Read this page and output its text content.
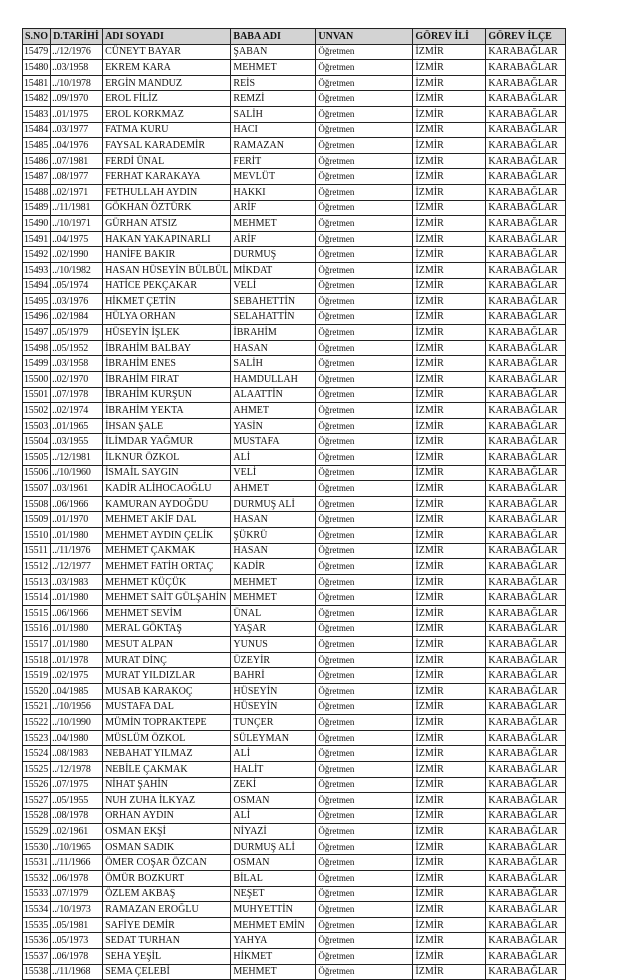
S.NO	D.TARİHİ	ADI SOYADI	BABA ADI	UNVAN	GÖREV İLİ	GÖREV İLÇE
15479	../12/1976	CÜNEYT BAYAR	ŞABAN	Öğretmen	İZMİR	KARABAĞLAR
15480	..03/1958	EKREM KARA	MEHMET	Öğretmen	İZMİR	KARABAĞLAR
15481	../10/1978	ERGİN MANDUZ	REİS	Öğretmen	İZMİR	KARABAĞLAR
15482	..09/1970	EROL FİLİZ	REMZİ	Öğretmen	İZMİR	KARABAĞLAR
15483	..01/1975	EROL KORKMAZ	SALİH	Öğretmen	İZMİR	KARABAĞLAR
15484	..03/1977	FATMA KURU	HACI	Öğretmen	İZMİR	KARABAĞLAR
15485	..04/1976	FAYSAL KARADEMİR	RAMAZAN	Öğretmen	İZMİR	KARABAĞLAR
15486	..07/1981	FERDİ ÜNAL	FERİT	Öğretmen	İZMİR	KARABAĞLAR
15487	..08/1977	FERHAT KARAKAYA	MEVLÜT	Öğretmen	İZMİR	KARABAĞLAR
15488	..02/1971	FETHULLAH AYDIN	HAKKI	Öğretmen	İZMİR	KARABAĞLAR
15489	../11/1981	GÖKHAN ÖZTÜRK	ARİF	Öğretmen	İZMİR	KARABAĞLAR
15490	../10/1971	GÜRHAN ATSIZ	MEHMET	Öğretmen	İZMİR	KARABAĞLAR
15491	..04/1975	HAKAN YAKAPINARLI	ARİF	Öğretmen	İZMİR	KARABAĞLAR
15492	..02/1990	HANİFE BAKIR	DURMUŞ	Öğretmen	İZMİR	KARABAĞLAR
15493	../10/1982	HASAN HÜSEYİN BÜLBÜL	MİKDAT	Öğretmen	İZMİR	KARABAĞLAR
15494	..05/1974	HATİCE PEKÇAKAR	VELİ	Öğretmen	İZMİR	KARABAĞLAR
15495	..03/1976	HİKMET ÇETİN	SEBAHETTİN	Öğretmen	İZMİR	KARABAĞLAR
15496	..02/1984	HÜLYA ORHAN	SELAHATTİN	Öğretmen	İZMİR	KARABAĞLAR
15497	..05/1979	HÜSEYİN İŞLEK	İBRAHİM	Öğretmen	İZMİR	KARABAĞLAR
15498	..05/1952	İBRAHİM BALBAY	HASAN	Öğretmen	İZMİR	KARABAĞLAR
15499	..03/1958	İBRAHİM ENES	SALİH	Öğretmen	İZMİR	KARABAĞLAR
15500	..02/1970	İBRAHİM FIRAT	HAMDULLAH	Öğretmen	İZMİR	KARABAĞLAR
15501	..07/1978	İBRAHİM KURŞUN	ALAATTİN	Öğretmen	İZMİR	KARABAĞLAR
15502	..02/1974	İBRAHİM YEKTA	AHMET	Öğretmen	İZMİR	KARABAĞLAR
15503	..01/1965	İHSAN ŞALE	YASİN	Öğretmen	İZMİR	KARABAĞLAR
15504	..03/1955	İLİMDAR YAĞMUR	MUSTAFA	Öğretmen	İZMİR	KARABAĞLAR
15505	../12/1981	İLKNUR ÖZKOL	ALİ	Öğretmen	İZMİR	KARABAĞLAR
15506	../10/1960	İSMAİL SAYGIN	VELİ	Öğretmen	İZMİR	KARABAĞLAR
15507	..03/1961	KADİR ALİHOCAOĞLU	AHMET	Öğretmen	İZMİR	KARABAĞLAR
15508	..06/1966	KAMURAN AYDOĞDU	DURMUŞ ALİ	Öğretmen	İZMİR	KARABAĞLAR
15509	..01/1970	MEHMET AKİF DAL	HASAN	Öğretmen	İZMİR	KARABAĞLAR
15510	..01/1980	MEHMET AYDIN ÇELİK	ŞÜKRÜ	Öğretmen	İZMİR	KARABAĞLAR
15511	../11/1976	MEHMET ÇAKMAK	HASAN	Öğretmen	İZMİR	KARABAĞLAR
15512	../12/1977	MEHMET FATİH ORTAÇ	KADİR	Öğretmen	İZMİR	KARABAĞLAR
15513	..03/1983	MEHMET KÜÇÜK	MEHMET	Öğretmen	İZMİR	KARABAĞLAR
15514	..01/1980	MEHMET SAİT GÜLŞAHİN	MEHMET	Öğretmen	İZMİR	KARABAĞLAR
15515	..06/1966	MEHMET SEVİM	ÜNAL	Öğretmen	İZMİR	KARABAĞLAR
15516	..01/1980	MERAL GÖKTAŞ	YAŞAR	Öğretmen	İZMİR	KARABAĞLAR
15517	..01/1980	MESUT ALPAN	YUNUS	Öğretmen	İZMİR	KARABAĞLAR
15518	..01/1978	MURAT DİNÇ	ÜZEYİR	Öğretmen	İZMİR	KARABAĞLAR
15519	..02/1975	MURAT YILDIZLAR	BAHRİ	Öğretmen	İZMİR	KARABAĞLAR
15520	..04/1985	MUSAB KARAKOÇ	HÜSEYİN	Öğretmen	İZMİR	KARABAĞLAR
15521	../10/1956	MUSTAFA DAL	HÜSEYİN	Öğretmen	İZMİR	KARABAĞLAR
15522	../10/1990	MÜMİN TOPRAKTEPE	TUNÇER	Öğretmen	İZMİR	KARABAĞLAR
15523	..04/1980	MÜSLÜM ÖZKOL	SÜLEYMAN	Öğretmen	İZMİR	KARABAĞLAR
15524	..08/1983	NEBAHAT YILMAZ	ALİ	Öğretmen	İZMİR	KARABAĞLAR
15525	../12/1978	NEBİLE ÇAKMAK	HALİT	Öğretmen	İZMİR	KARABAĞLAR
15526	..07/1975	NİHAT ŞAHİN	ZEKİ	Öğretmen	İZMİR	KARABAĞLAR
15527	..05/1955	NUH ZUHA İLKYAZ	OSMAN	Öğretmen	İZMİR	KARABAĞLAR
15528	..08/1978	ORHAN AYDIN	ALİ	Öğretmen	İZMİR	KARABAĞLAR
15529	..02/1961	OSMAN EKŞİ	NİYAZİ	Öğretmen	İZMİR	KARABAĞLAR
15530	../10/1965	OSMAN SADIK	DURMUŞ ALİ	Öğretmen	İZMİR	KARABAĞLAR
15531	../11/1966	ÖMER COŞAR ÖZCAN	OSMAN	Öğretmen	İZMİR	KARABAĞLAR
15532	..06/1978	ÖMÜR BOZKURT	BİLAL	Öğretmen	İZMİR	KARABAĞLAR
15533	..07/1979	ÖZLEM AKBAŞ	NEŞET	Öğretmen	İZMİR	KARABAĞLAR
15534	../10/1973	RAMAZAN EROĞLU	MUHYETTİN	Öğretmen	İZMİR	KARABAĞLAR
15535	..05/1981	SAFİYE DEMİR	MEHMET EMİN	Öğretmen	İZMİR	KARABAĞLAR
15536	..05/1973	SEDAT TURHAN	YAHYA	Öğretmen	İZMİR	KARABAĞLAR
15537	..06/1978	SEHA YEŞİL	HİKMET	Öğretmen	İZMİR	KARABAĞLAR
15538	../11/1968	SEMA ÇELEBİ	MEHMET	Öğretmen	İZMİR	KARABAĞLAR
